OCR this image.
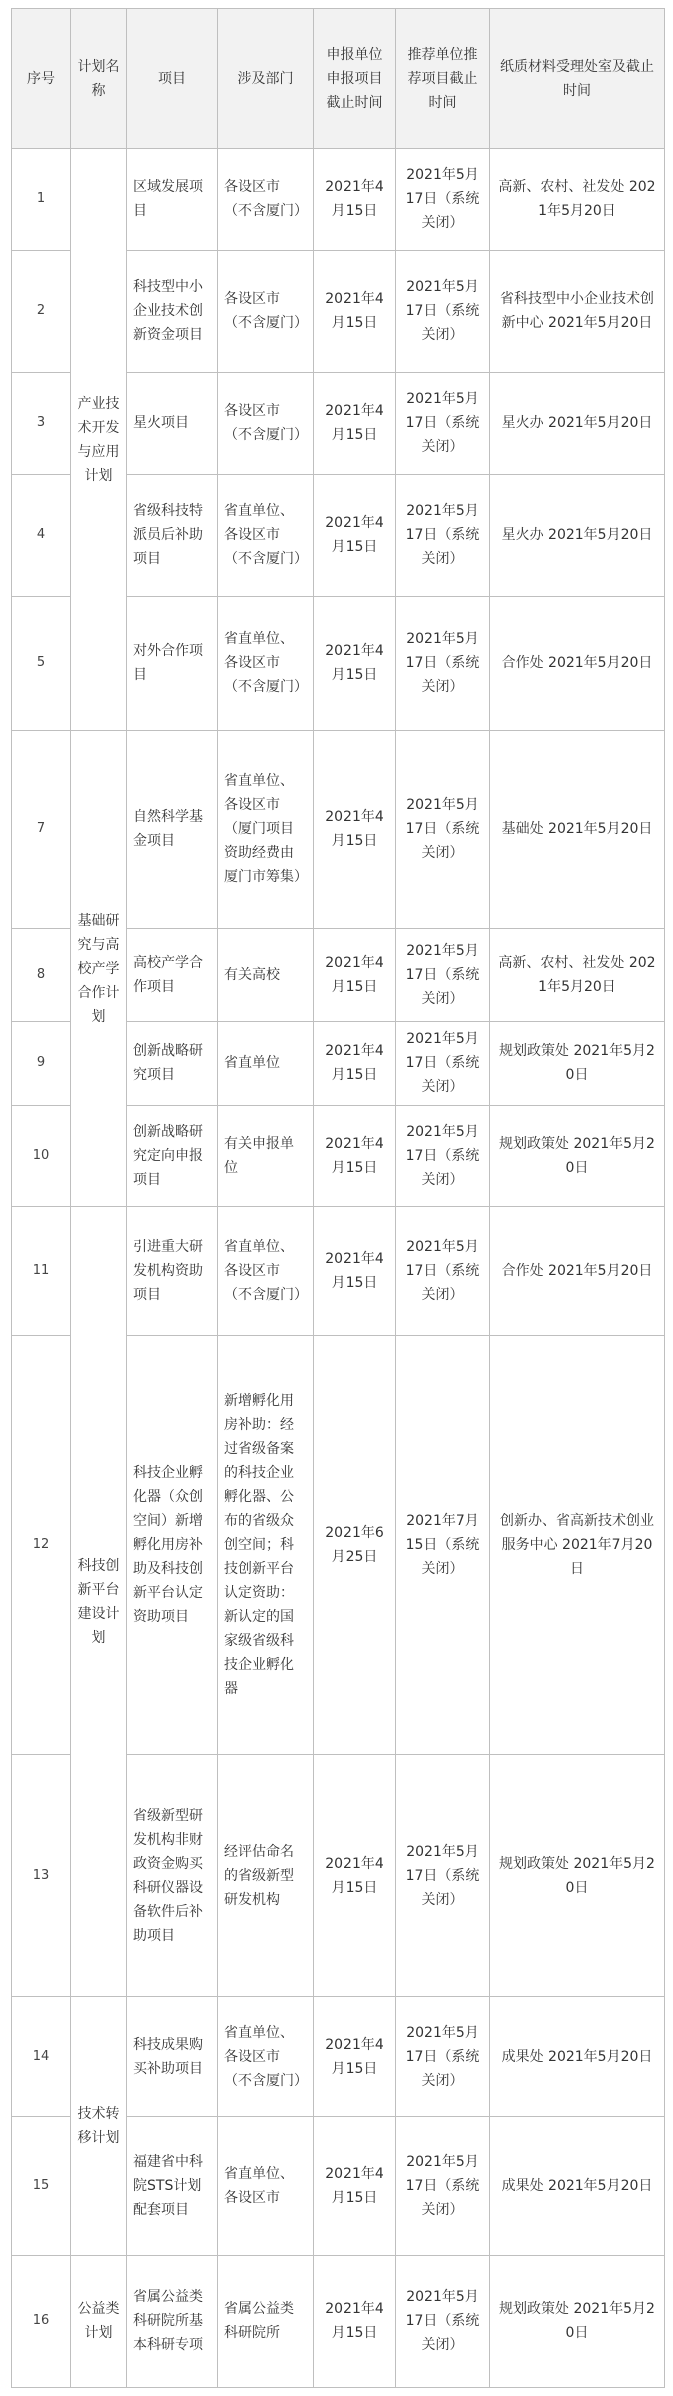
序号	计划名称	项目	涉及部门	申报单位申报项目截止时间	推荐单位推荐项目截止时间	纸质材料受理处室及截止时间
1	产业技术开发与应用计划	区域发展项目	各设区市（不含厦门）	2021年4月15日	2021年5月17日（系统关闭）	高新、农村、社发处 2021年5月20日
2		科技型中小企业技术创新资金项目	各设区市（不含厦门）	2021年4月15日	2021年5月17日（系统关闭）	省科技型中小企业技术创新中心 2021年5月20日
3		星火项目	各设区市（不含厦门）	2021年4月15日	2021年5月17日（系统关闭）	星火办 2021年5月20日
4		省级科技特派员后补助项目	省直单位、各设区市（不含厦门）	2021年4月15日	2021年5月17日（系统关闭）	星火办 2021年5月20日
5		对外合作项目	省直单位、各设区市（不含厦门）	2021年4月15日	2021年5月17日（系统关闭）	合作处 2021年5月20日
7	基础研究与高校产学合作计划	自然科学基金项目	省直单位、各设区市（厦门项目资助经费由厦门市筹集）	2021年4月15日	2021年5月17日（系统关闭）	基础处 2021年5月20日
8		高校产学合作项目	有关高校	2021年4月15日	2021年5月17日（系统关闭）	高新、农村、社发处 2021年5月20日
9		创新战略研究项目	省直单位	2021年4月15日	2021年5月17日（系统关闭）	规划政策处 2021年5月20日
10		创新战略研究定向申报项目	有关申报单位	2021年4月15日	2021年5月17日（系统关闭）	规划政策处 2021年5月20日
11	科技创新平台建设计划	引进重大研发机构资助项目	省直单位、各设区市（不含厦门）	2021年4月15日	2021年5月17日（系统关闭）	合作处 2021年5月20日
12		科技企业孵化器（众创空间）新增孵化用房补助及科技创新平台认定资助项目	新增孵化用房补助：经过省级备案的科技企业孵化器、公布的省级众创空间；科技创新平台认定资助：新认定的国家级省级科技企业孵化器	2021年6月25日	2021年7月15日（系统关闭）	创新办、省高新技术创业服务中心 2021年7月20日
13		省级新型研发机构非财政资金购买科研仪器设备软件后补助项目	经评估命名的省级新型研发机构	2021年4月15日	2021年5月17日（系统关闭）	规划政策处 2021年5月20日
14	技术转移计划	科技成果购买补助项目	省直单位、各设区市（不含厦门）	2021年4月15日	2021年5月17日（系统关闭）	成果处 2021年5月20日
15		福建省中科院STS计划配套项目	省直单位、各设区市	2021年4月15日	2021年5月17日（系统关闭）	成果处 2021年5月20日
16	公益类计划	省属公益类科研院所基本科研专项	省属公益类科研院所	2021年4月15日	2021年5月17日（系统关闭）	规划政策处 2021年5月20日
